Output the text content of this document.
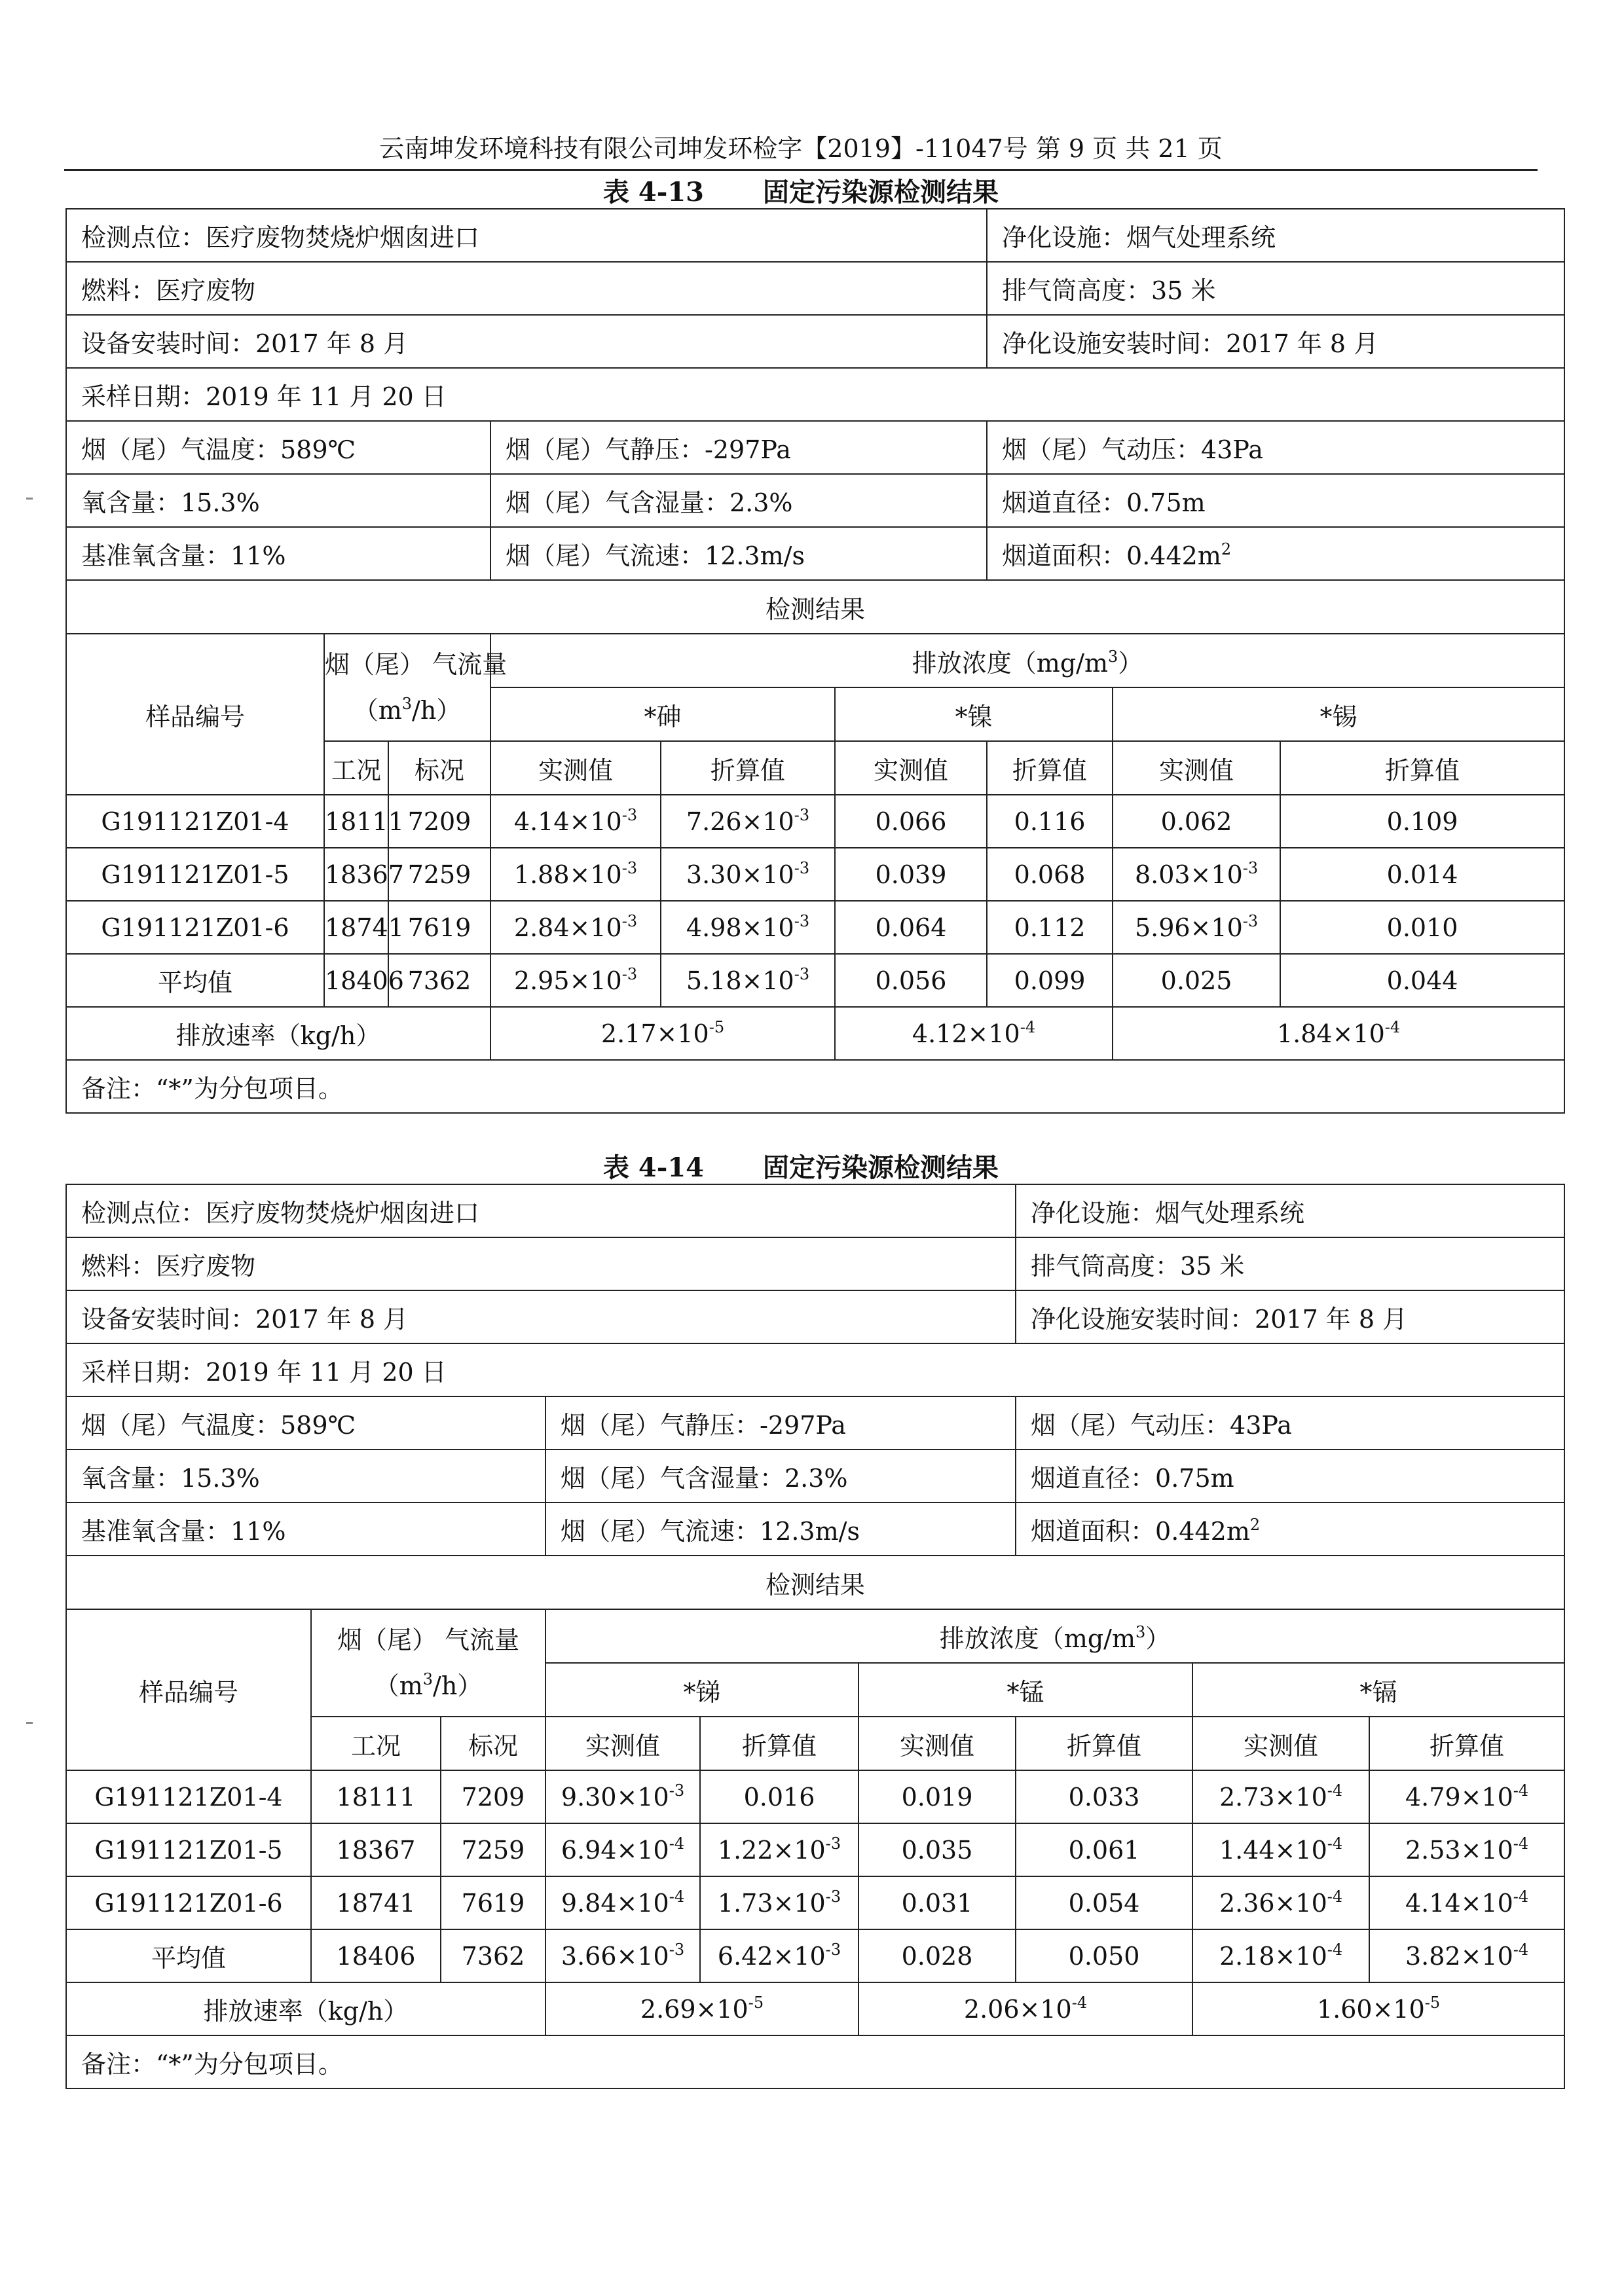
云南坤发环境科技有限公司坤发环检字【2019】-11047号 第 9 页 共 21 页
表 4-13 固定污染源检测结果
检测点位：医疗废物焚烧炉烟囱进口						净化设施：烟气处理系统		
燃料：医疗废物						排气筒高度：35 米		
设备安装时间：2017 年 8 月						净化设施安装时间：2017 年 8 月		
采样日期：2019 年 11 月 20 日								
烟（尾）气温度：589℃			烟（尾）气静压：-297Pa			烟（尾）气动压：43Pa		
氧含量：15.3%			烟（尾）气含湿量：2.3%			烟道直径：0.75m		
基准氧含量：11%			烟（尾）气流速：12.3m/s			烟道面积：$0.442m^2$
检测结果								
样品编号	烟（尾） 气流量
$(m^3/h)$		排放浓度$(mg/m^3)$					
			*砷		*镍		*锡	
	工况	标况	实测值	折算值	实测值	折算值	实测值	折算值
G191121Z01-4	18111	7209	$4.14\times 10^{-3}$	$7.26\times 10^{-3}$	0.066	0.116	0.062	0.109
G191121Z01-5	18367	7259	$1.88\times 10^{-3}$	$3.30\times 10^{-3}$	0.039	0.068	$8.03\times 10^{-3}$	0.014
G191121Z01-6	18741	7619	$2.84\times 10^{-3}$	$4.98\times 10^{-3}$	0.064	0.112	$5.96\times 10^{-3}$	0.010
平均值	18406	7362	$2.95\times 10^{-3}$	$5.18\times 10^{-3}$	0.056	0.099	0.025	0.044
排放速率（kg/h）			$2.17\times 10^{-5}$		$4.12\times 10^{-4}$		$1.84\times 10^{-4}$
备注：“*”为分包项目。								
表 4-14 固定污染源检测结果
检测点位：医疗废物焚烧炉烟囱进口						净化设施：烟气处理系统		
燃料：医疗废物						排气筒高度：35 米		
设备安装时间：2017 年 8 月						净化设施安装时间：2017 年 8 月		
采样日期：2019 年 11 月 20 日								
烟（尾）气温度：589℃			烟（尾）气静压：-297Pa			烟（尾）气动压：43Pa		
氧含量：15.3%			烟（尾）气含湿量：2.3%			烟道直径：0.75m		
基准氧含量：11%			烟（尾）气流速：12.3m/s			烟道面积：$0.442m^2$
检测结果								
样品编号	烟（尾） 气流量
$(m^3/h)$		排放浓度$(mg/m^3)$					
			*锑		*锰		*镉	
	工况	标况	实测值	折算值	实测值	折算值	实测值	折算值
G191121Z01-4	18111	7209	$9.30\times 10^{-3}$	0.016	0.019	0.033	$2.73\times 10^{-4}$	$4.79\times 10^{-4}$
G191121Z01-5	18367	7259	$6.94\times 10^{-4}$	$1.22\times 10^{-3}$	0.035	0.061	$1.44\times 10^{-4}$	$2.53\times 10^{-4}$
G191121Z01-6	18741	7619	$9.84\times 10^{-4}$	$1.73\times 10^{-3}$	0.031	0.054	$2.36\times 10^{-4}$	$4.14\times 10^{-4}$
平均值	18406	7362	$3.66\times 10^{-3}$	$6.42\times 10^{-3}$	0.028	0.050	$2.18\times 10^{-4}$	$3.82\times 10^{-4}$
排放速率（kg/h）			$2.69\times 10^{-5}$		$2.06\times 10^{-4}$		$1.60\times 10^{-5}$
备注：“*”为分包项目。								
